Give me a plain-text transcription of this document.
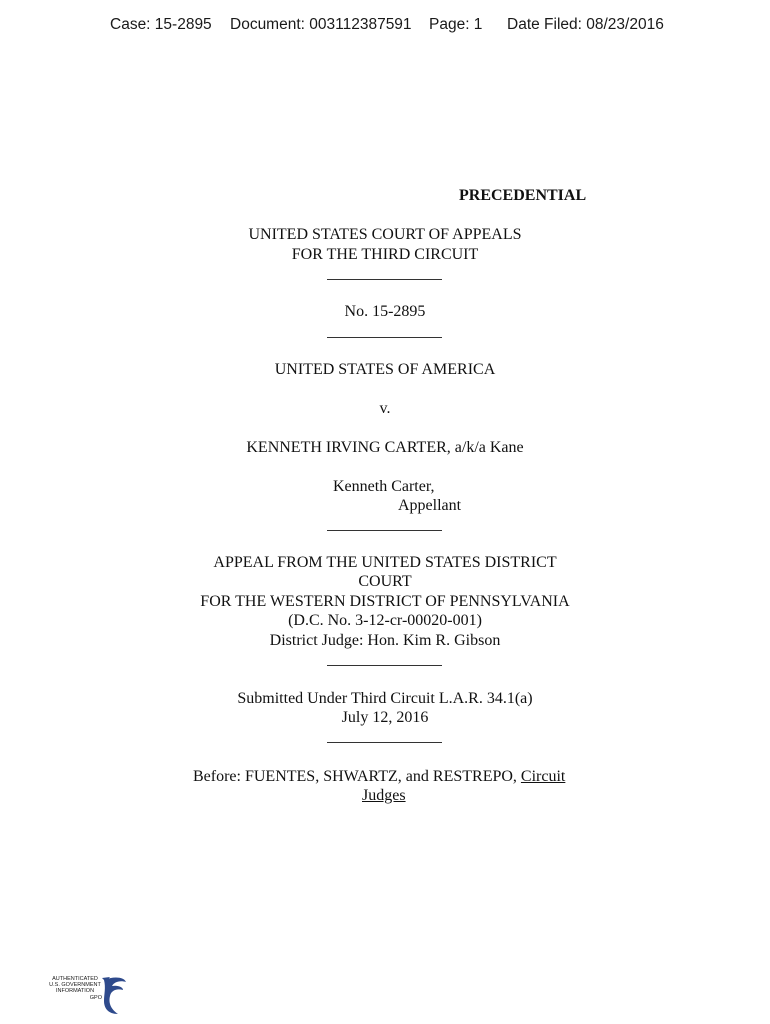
Case: 15-2895 Document: 003112387591 Page: 1 Date Filed: 08/23/2016
PRECEDENTIAL
UNITED STATES COURT OF APPEALS
FOR THE THIRD CIRCUIT
No. 15-2895
UNITED STATES OF AMERICA
v.
KENNETH IRVING CARTER, a/k/a Kane
Kenneth Carter,
Appellant
APPEAL FROM THE UNITED STATES DISTRICT
COURT
FOR THE WESTERN DISTRICT OF PENNSYLVANIA
(D.C. No. 3-12-cr-00020-001)
District Judge: Hon. Kim R. Gibson
Submitted Under Third Circuit L.A.R. 34.1(a)
July 12, 2016
Before: FUENTES, SHWARTZ, and RESTREPO, Circuit
Judges
AUTHENTICATED
U.S. GOVERNMENT
INFORMATION
GPO
